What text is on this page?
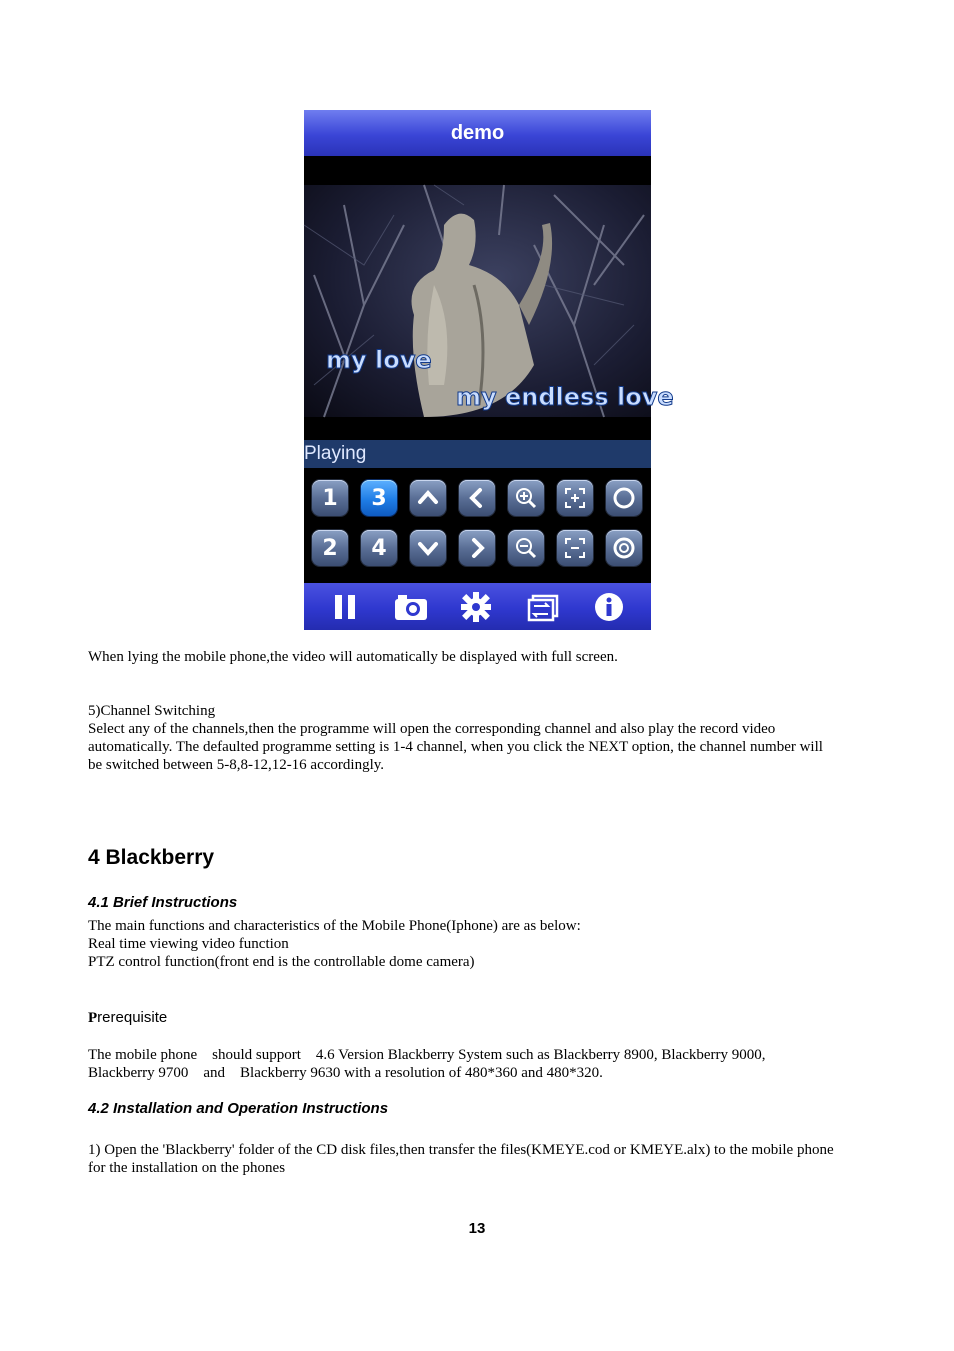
demo
my love
my endless love
Playing
1	3
2	4

When lying the mobile phone,the video will automatically be displayed with full screen.

5)Channel Switching

Select any of the channels,then the programme will open the corresponding channel and also play the record video

automatically. The defaulted programme setting is 1-4 channel, when you click the NEXT option, the channel number will

be switched between 5-8,8-12,12-16 accordingly.

4 Blackberry
4.1 Brief Instructions

The main functions and characteristics of the Mobile Phone(Iphone) are as below:

Real time viewing video function

PTZ control function(front end is the controllable dome camera)

Prerequisite

The mobile phone should support 4.6 Version Blackberry System such as Blackberry 8900, Blackberry 9000,

Blackberry 9700 and Blackberry 9630 with a resolution of 480*360 and 480*320.

4.2 Installation and Operation Instructions

1) Open the 'Blackberry' folder of the CD disk files,then transfer the files(KMEYE.cod or KMEYE.alx) to the mobile phone

for the installation on the phones

13
